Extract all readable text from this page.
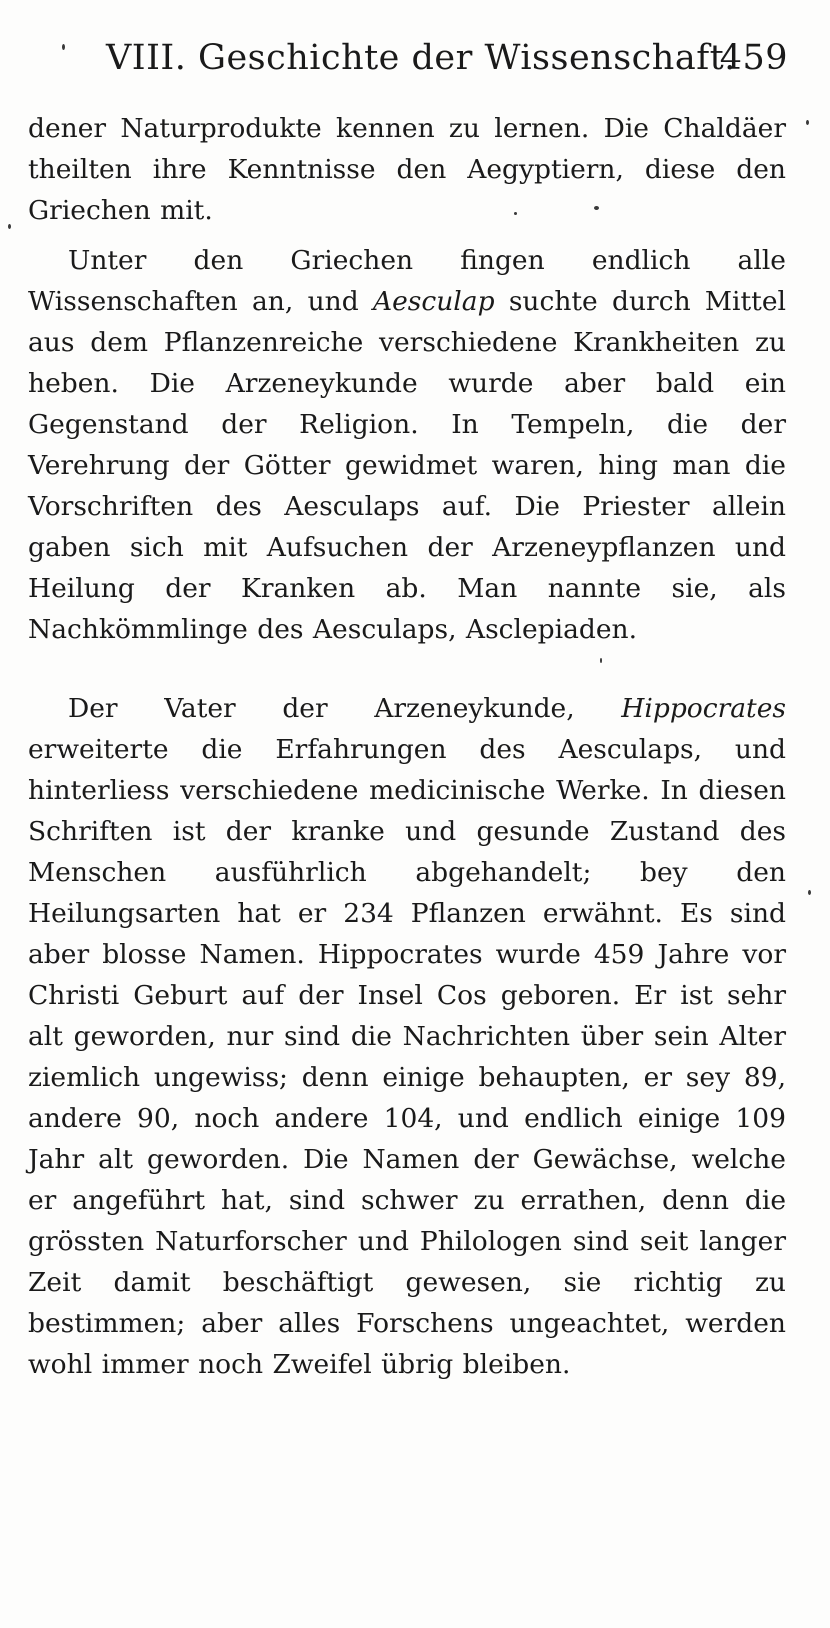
VIII. Geschichte der Wissenschaft.
459

dener Naturprodukte kennen zu lernen. Die Chaldäer theilten ihre Kenntnisse den Aegyptiern, diese den Griechen mit.

Unter den Griechen fingen endlich alle Wissenschaften an, und Aesculap suchte durch Mittel aus dem Pflanzenreiche verschiedene Krankheiten zu heben. Die Arzeneykunde wurde aber bald ein Gegenstand der Religion. In Tempeln, die der Verehrung der Götter gewidmet waren, hing man die Vorschriften des Aesculaps auf. Die Priester allein gaben sich mit Aufsuchen der Arzeneypflanzen und Heilung der Kranken ab. Man nannte sie, als Nachkömmlinge des Aesculaps, Asclepiaden.

Der Vater der Arzeneykunde, Hippocrates erweiterte die Erfahrungen des Aesculaps, und hinterliess verschiedene medicinische Werke. In diesen Schriften ist der kranke und gesunde Zustand des Menschen ausführlich abgehandelt; bey den Heilungsarten hat er 234 Pflanzen erwähnt. Es sind aber blosse Namen. Hippocrates wurde 459 Jahre vor Christi Geburt auf der Insel Cos geboren. Er ist sehr alt geworden, nur sind die Nachrichten über sein Alter ziemlich ungewiss; denn einige behaupten, er sey 89, andere 90, noch andere 104, und endlich einige 109 Jahr alt geworden. Die Namen der Gewächse, welche er angeführt hat, sind schwer zu errathen, denn die grössten Naturforscher und Philologen sind seit langer Zeit damit beschäftigt gewesen, sie richtig zu bestimmen; aber alles Forschens ungeachtet, werden wohl immer noch Zweifel übrig bleiben.
